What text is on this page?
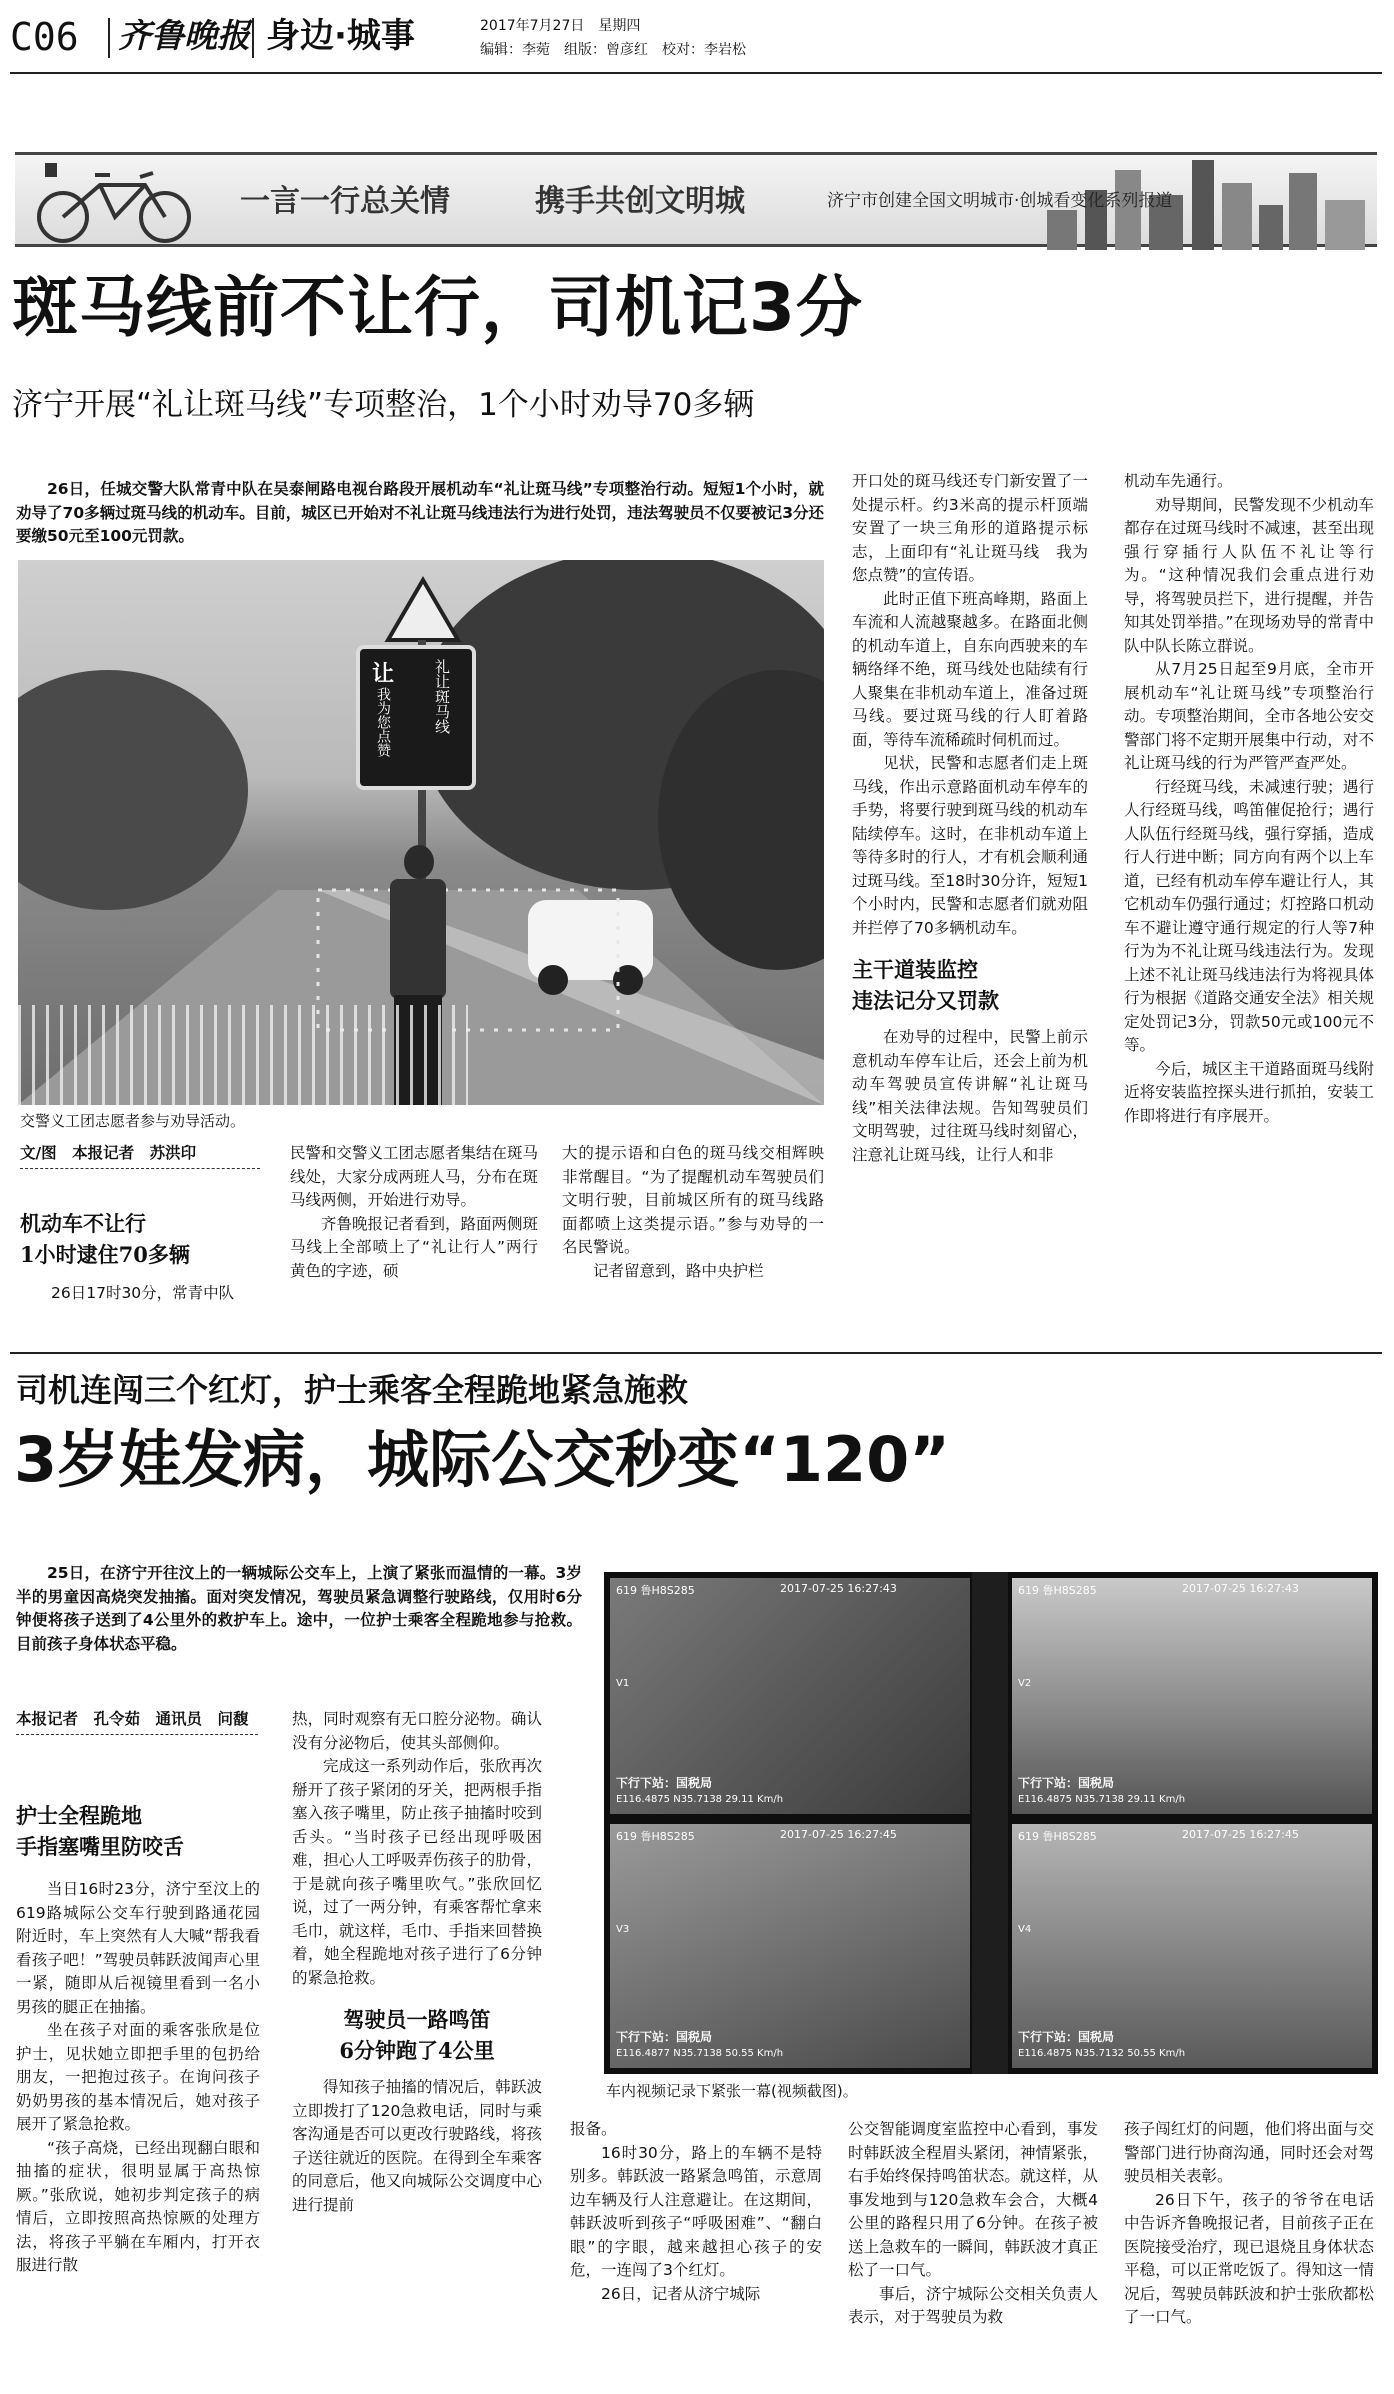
C06 齐鲁晚报 身边·城事	2017年7月27日　星期四
编辑：李菀　组版：曾彦红　校对：李岩松
一言一行总关情	携手共创文明城	济宁市创建全国文明城市·创城看变化系列报道
斑马线前不让行，司机记3分
济宁开展“礼让斑马线”专项整治，1个小时劝导70多辆
26日，任城交警大队常青中队在吴泰闸路电视台路段开展机动车“礼让斑马线”专项整治行动。短短1个小时，就劝导了70多辆过斑马线的机动车。目前，城区已开始对不礼让斑马线违法行为进行处罚，违法驾驶员不仅要被记3分还要缴50元至100元罚款。
让
我为您点赞	礼让斑马线
交警义工团志愿者参与劝导活动。
文/图　本报记者　苏洪印
机动车不让行
1小时逮住70多辆

26日17时30分，常青中队

民警和交警义工团志愿者集结在斑马线处，大家分成两班人马，分布在斑马线两侧，开始进行劝导。

齐鲁晚报记者看到，路面两侧斑马线上全部喷上了“礼让行人”两行黄色的字迹，硕

大的提示语和白色的斑马线交相辉映非常醒目。“为了提醒机动车驾驶员们文明行驶，目前城区所有的斑马线路面都喷上这类提示语。”参与劝导的一名民警说。

记者留意到，路中央护栏

开口处的斑马线还专门新安置了一处提示杆。约3米高的提示杆顶端安置了一块三角形的道路提示标志，上面印有“礼让斑马线　我为您点赞”的宣传语。

此时正值下班高峰期，路面上车流和人流越聚越多。在路面北侧的机动车道上，自东向西驶来的车辆络绎不绝，斑马线处也陆续有行人聚集在非机动车道上，准备过斑马线。要过斑马线的行人盯着路面，等待车流稀疏时伺机而过。

见状，民警和志愿者们走上斑马线，作出示意路面机动车停车的手势，将要行驶到斑马线的机动车陆续停车。这时，在非机动车道上等待多时的行人，才有机会顺利通过斑马线。至18时30分许，短短1个小时内，民警和志愿者们就劝阻并拦停了70多辆机动车。

主干道装监控
违法记分又罚款

在劝导的过程中，民警上前示意机动车停车让后，还会上前为机动车驾驶员宣传讲解“礼让斑马线”相关法律法规。告知驾驶员们文明驾驶，过往斑马线时刻留心，注意礼让斑马线，让行人和非

机动车先通行。

劝导期间，民警发现不少机动车都存在过斑马线时不减速，甚至出现强行穿插行人队伍不礼让等行为。“这种情况我们会重点进行劝导，将驾驶员拦下，进行提醒，并告知其处罚举措。”在现场劝导的常青中队中队长陈立群说。

从7月25日起至9月底，全市开展机动车“礼让斑马线”专项整治行动。专项整治期间，全市各地公安交警部门将不定期开展集中行动，对不礼让斑马线的行为严管严查严处。

行经斑马线，未减速行驶；遇行人行经斑马线，鸣笛催促抢行；遇行人队伍行经斑马线，强行穿插，造成行人行进中断；同方向有两个以上车道，已经有机动车停车避让行人，其它机动车仍强行通过；灯控路口机动车不避让遵守通行规定的行人等7种行为为不礼让斑马线违法行为。发现上述不礼让斑马线违法行为将视具体行为根据《道路交通安全法》相关规定处罚记3分，罚款50元或100元不等。

今后，城区主干道路面斑马线附近将安装监控探头进行抓拍，安装工作即将进行有序展开。

司机连闯三个红灯，护士乘客全程跪地紧急施救
3岁娃发病，城际公交秒变“120”
25日，在济宁开往汶上的一辆城际公交车上，上演了紧张而温情的一幕。3岁半的男童因高烧突发抽搐。面对突发情况，驾驶员紧急调整行驶路线，仅用时6分钟便将孩子送到了4公里外的救护车上。途中，一位护士乘客全程跪地参与抢救。目前孩子身体状态平稳。
本报记者　孔令茹　通讯员　问馥
护士全程跪地
手指塞嘴里防咬舌

当日16时23分，济宁至汶上的619路城际公交车行驶到路通花园附近时，车上突然有人大喊“帮我看看孩子吧！”驾驶员韩跃波闻声心里一紧，随即从后视镜里看到一名小男孩的腿正在抽搐。

坐在孩子对面的乘客张欣是位护士，见状她立即把手里的包扔给朋友，一把抱过孩子。在询问孩子奶奶男孩的基本情况后，她对孩子展开了紧急抢救。

“孩子高烧，已经出现翻白眼和抽搐的症状，很明显属于高热惊厥。”张欣说，她初步判定孩子的病情后，立即按照高热惊厥的处理方法，将孩子平躺在车厢内，打开衣服进行散

热，同时观察有无口腔分泌物。确认没有分泌物后，使其头部侧仰。

完成这一系列动作后，张欣再次掰开了孩子紧闭的牙关，把两根手指塞入孩子嘴里，防止孩子抽搐时咬到舌头。“当时孩子已经出现呼吸困难，担心人工呼吸弄伤孩子的肋骨，于是就向孩子嘴里吹气。”张欣回忆说，过了一两分钟，有乘客帮忙拿来毛巾，就这样，毛巾、手指来回替换着，她全程跪地对孩子进行了6分钟的紧急抢救。

驾驶员一路鸣笛
6分钟跑了4公里

得知孩子抽搐的情况后，韩跃波立即拨打了120急救电话，同时与乘客沟通是否可以更改行驶路线，将孩子送往就近的医院。在得到全车乘客的同意后，他又向城际公交调度中心进行提前

619 鲁H8S285	2017-07-25 16:27:43
下行下站：国税局
E116.4875 N35.7138 29.11 Km/h
V1
619 鲁H8S285	2017-07-25 16:27:43
下行下站：国税局
E116.4875 N35.7138 29.11 Km/h
V2
619 鲁H8S285	2017-07-25 16:27:45
下行下站：国税局
E116.4877 N35.7138 50.55 Km/h
V3
619 鲁H8S285	2017-07-25 16:27:45
下行下站：国税局
E116.4875 N35.7132 50.55 Km/h
V4
车内视频记录下紧张一幕(视频截图)。

报备。

16时30分，路上的车辆不是特别多。韩跃波一路紧急鸣笛，示意周边车辆及行人注意避让。在这期间，韩跃波听到孩子“呼吸困难”、“翻白眼”的字眼，越来越担心孩子的安危，一连闯了3个红灯。

26日，记者从济宁城际

公交智能调度室监控中心看到，事发时韩跃波全程眉头紧闭，神情紧张，右手始终保持鸣笛状态。就这样，从事发地到与120急救车会合，大概4公里的路程只用了6分钟。在孩子被送上急救车的一瞬间，韩跃波才真正松了一口气。

事后，济宁城际公交相关负责人表示，对于驾驶员为救

孩子闯红灯的问题，他们将出面与交警部门进行协商沟通，同时还会对驾驶员相关表彰。

26日下午，孩子的爷爷在电话中告诉齐鲁晚报记者，目前孩子正在医院接受治疗，现已退烧且身体状态平稳，可以正常吃饭了。得知这一情况后，驾驶员韩跃波和护士张欣都松了一口气。
